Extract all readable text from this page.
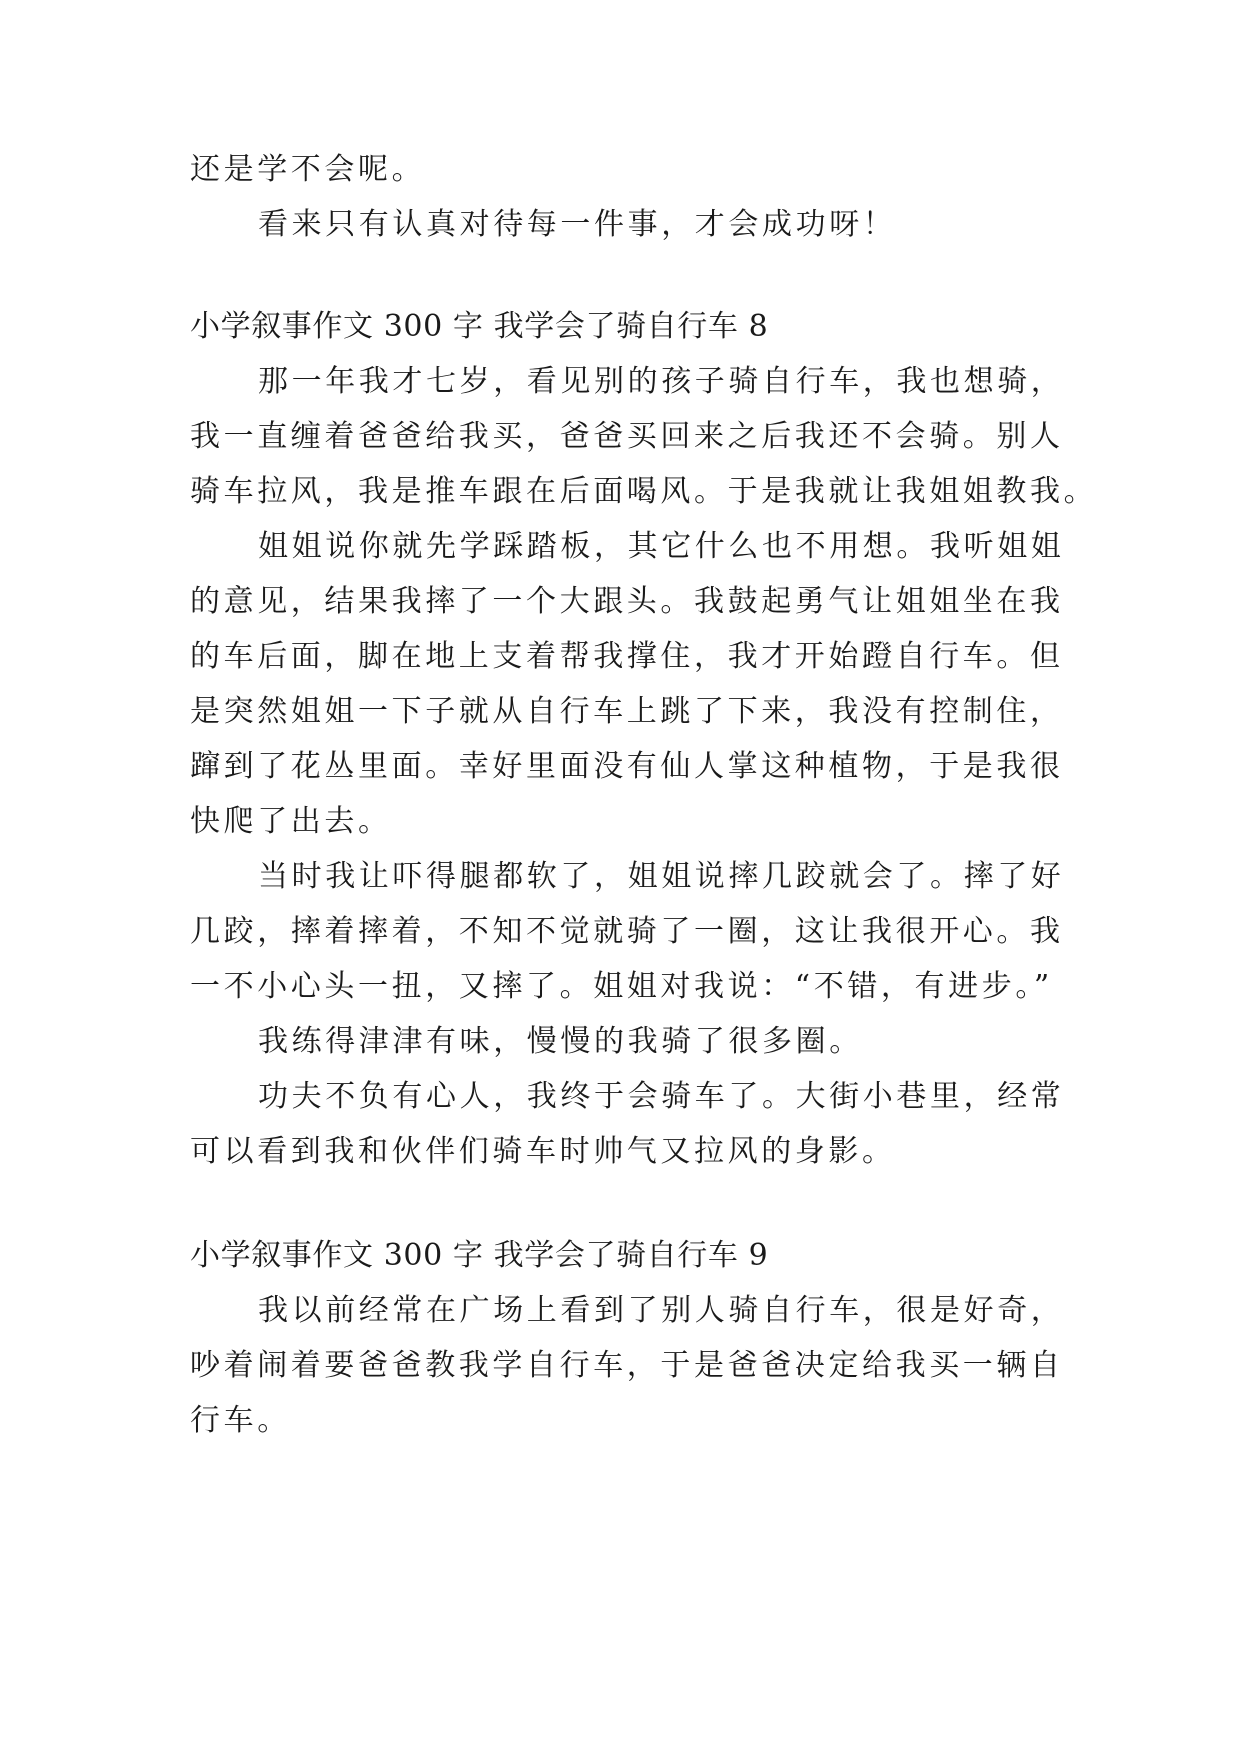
还是学不会呢。
看来只有认真对待每一件事，才会成功呀！
小学叙事作文 300 字 我学会了骑自行车 8
那一年我才七岁，看见别的孩子骑自行车，我也想骑，
我一直缠着爸爸给我买，爸爸买回来之后我还不会骑。别人
骑车拉风，我是推车跟在后面喝风。于是我就让我姐姐教我。
姐姐说你就先学踩踏板，其它什么也不用想。我听姐姐
的意见，结果我摔了一个大跟头。我鼓起勇气让姐姐坐在我
的车后面，脚在地上支着帮我撑住，我才开始蹬自行车。但
是突然姐姐一下子就从自行车上跳了下来，我没有控制住，
蹿到了花丛里面。幸好里面没有仙人掌这种植物，于是我很
快爬了出去。
当时我让吓得腿都软了，姐姐说摔几跤就会了。摔了好
几跤，摔着摔着，不知不觉就骑了一圈，这让我很开心。我
一不小心头一扭，又摔了。姐姐对我说：“不错，有进步。”
我练得津津有味，慢慢的我骑了很多圈。
功夫不负有心人，我终于会骑车了。大街小巷里，经常
可以看到我和伙伴们骑车时帅气又拉风的身影。
小学叙事作文 300 字 我学会了骑自行车 9
我以前经常在广场上看到了别人骑自行车，很是好奇，
吵着闹着要爸爸教我学自行车，于是爸爸决定给我买一辆自
行车。
